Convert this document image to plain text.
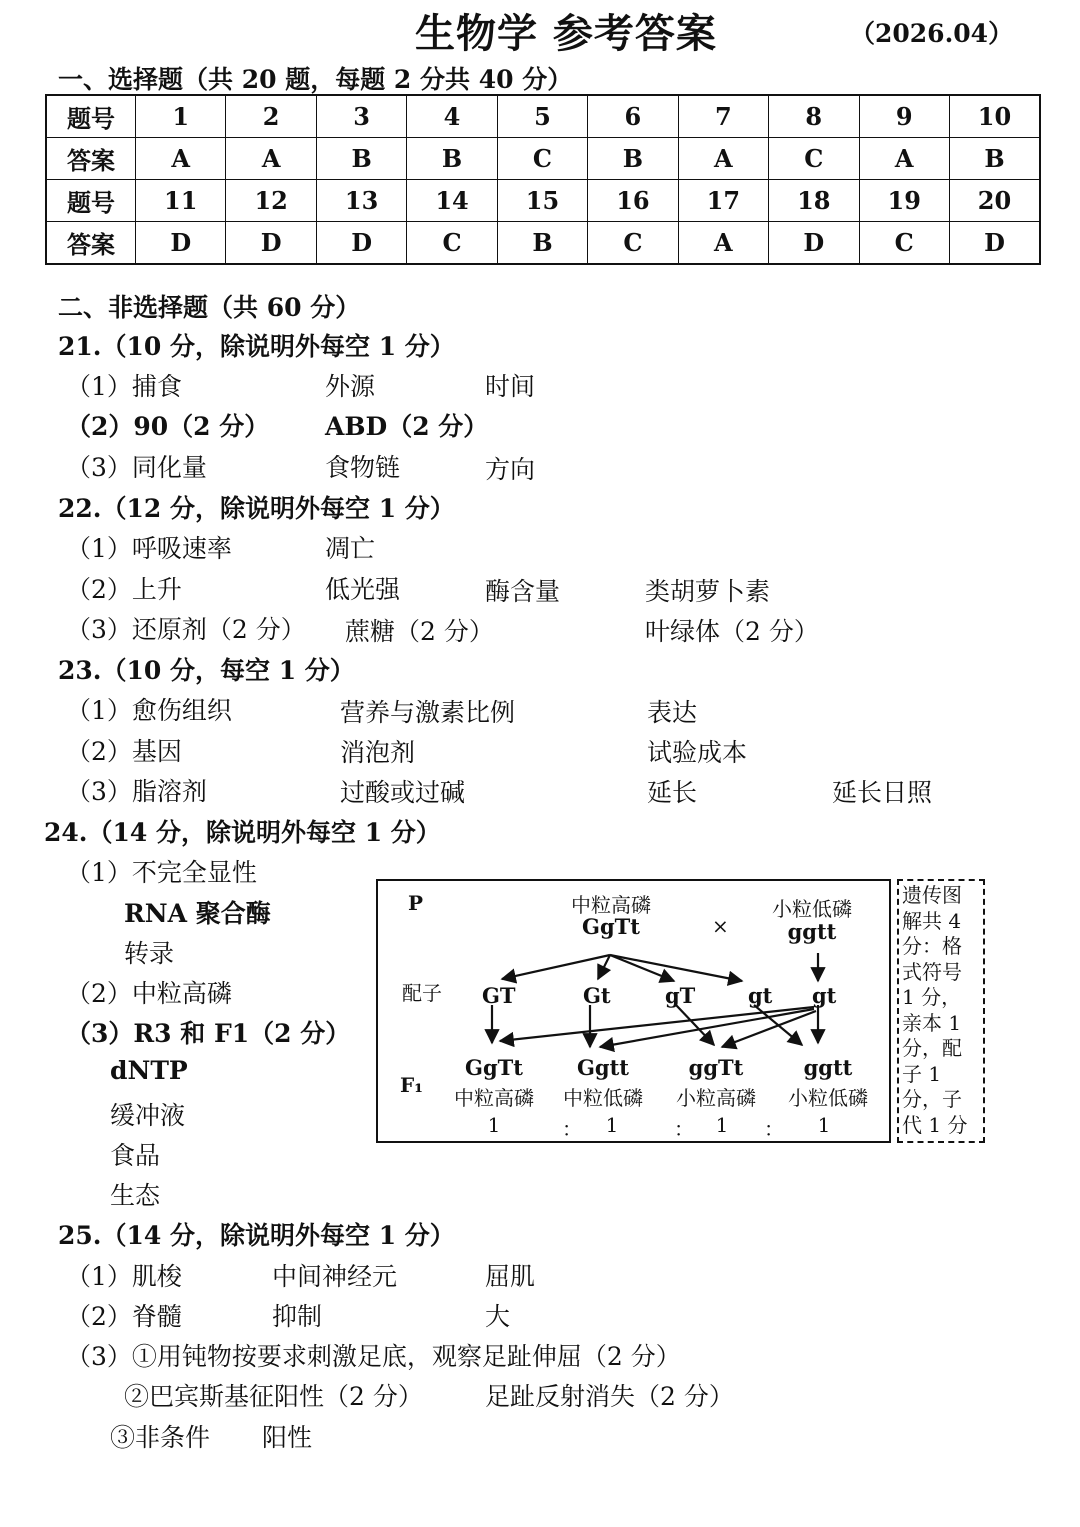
生物学 参考答案	（2026.04）
一、选择题（共 20 题，每题 2 分共 40 分）
题号	1	2	3	4	5	6	7	8	9	10
答案	A	A	B	B	C	B	A	C	A	B
题号	11	12	13	14	15	16	17	18	19	20
答案	D	D	D	C	B	C	A	D	C	D
二、非选择题（共 60 分）
21.（10 分，除说明外每空 1 分）
（1）捕食	外源	时间
（2）90（2 分） ABD（2 分）
（3）同化量	食物链	方向
22.（12 分，除说明外每空 1 分）
（1）呼吸速率	凋亡
（2）上升	低光强	酶含量	类胡萝卜素
（3）还原剂（2 分） 蔗糖（2 分）	叶绿体（2 分）
23.（10 分，每空 1 分）
（1）愈伤组织	营养与激素比例	表达
（2）基因	消泡剂	试验成本
（3）脂溶剂	过酸或过碱	延长	延长日照
24.（14 分，除说明外每空 1 分）
（1）不完全显性
RNA 聚合酶
转录
（2）中粒高磷
（3）R3 和 F1（2 分）
dNTP
缓冲液
食品
生态
P	中粒高磷
GgTt	×
小粒低磷
ggtt
配子 GT	Gt	gT	gt gt
F₁
GgTt
中粒高磷
1
Ggtt
中粒低磷
1
ggTt
小粒高磷
1
ggtt
小粒低磷
1
：	：	：
遗传图解共 4 分：格式符号 1 分，亲本 1 分，配子 1 分，子代 1 分
25.（14 分，除说明外每空 1 分）
（1）肌梭	中间神经元	屈肌
（2）脊髓	抑制	大
（3）①用钝物按要求刺激足底，观察足趾伸屈（2 分）
②巴宾斯基征阳性（2 分） 足趾反射消失（2 分）
③非条件 阳性
